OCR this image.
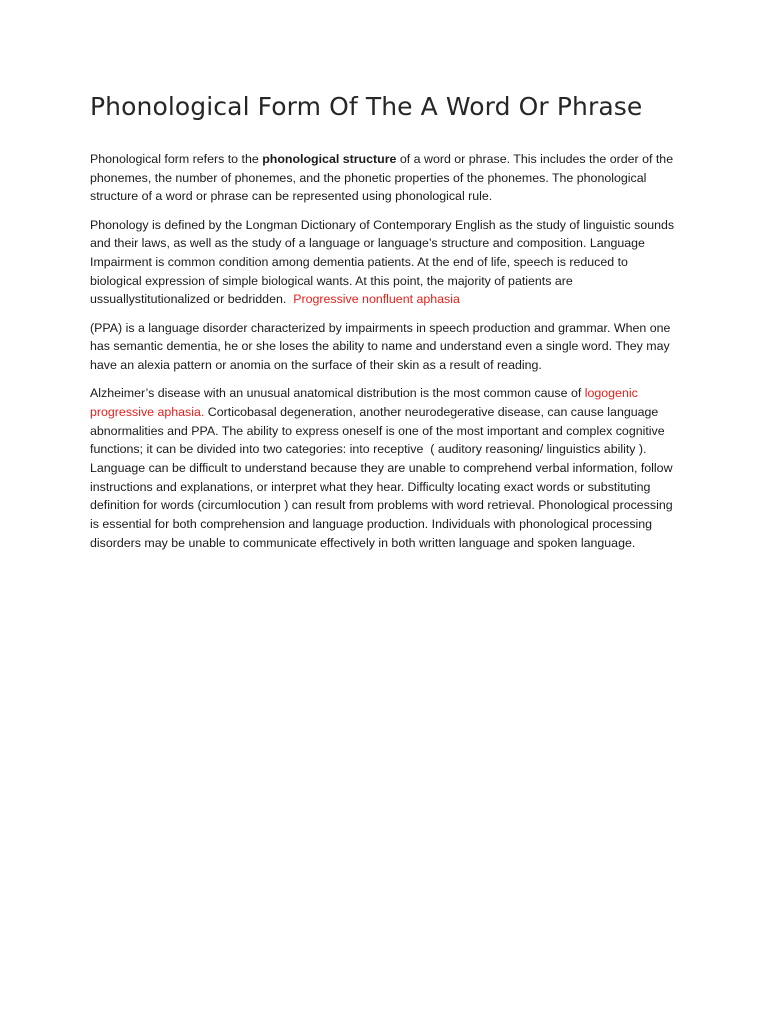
Phonological Form Of The A Word Or Phrase

Phonological form refers to the phonological structure of a word or phrase. This includes the order of the phonemes, the number of phonemes, and the phonetic properties of the phonemes. The phonological structure of a word or phrase can be represented using phonological rule.

Phonology is defined by the Longman Dictionary of Contemporary English as the study of linguistic sounds and their laws, as well as the study of a language or language’s structure and composition. Language Impairment is common condition among dementia patients. At the end of life, speech is reduced to biological expression of simple biological wants. At this point, the majority of patients are ussuallystitutionalized or bedridden.  Progressive nonfluent aphasia

(PPA) is a language disorder characterized by impairments in speech production and grammar. When one has semantic dementia, he or she loses the ability to name and understand even a single word. They may have an alexia pattern or anomia on the surface of their skin as a result of reading.

Alzheimer’s disease with an unusual anatomical distribution is the most common cause of logogenic progressive aphasia. Corticobasal degeneration, another neurodegerative disease, can cause language abnormalities and PPA. The ability to express oneself is one of the most important and complex cognitive functions; it can be divided into two categories: into receptive  ( auditory reasoning/ linguistics ability ). Language can be difficult to understand because they are unable to comprehend verbal information, follow instructions and explanations, or interpret what they hear. Difficulty locating exact words or substituting definition for words (circumlocution ) can result from problems with word retrieval. Phonological processing is essential for both comprehension and language production. Individuals with phonological processing disorders may be unable to communicate effectively in both written language and spoken language.
